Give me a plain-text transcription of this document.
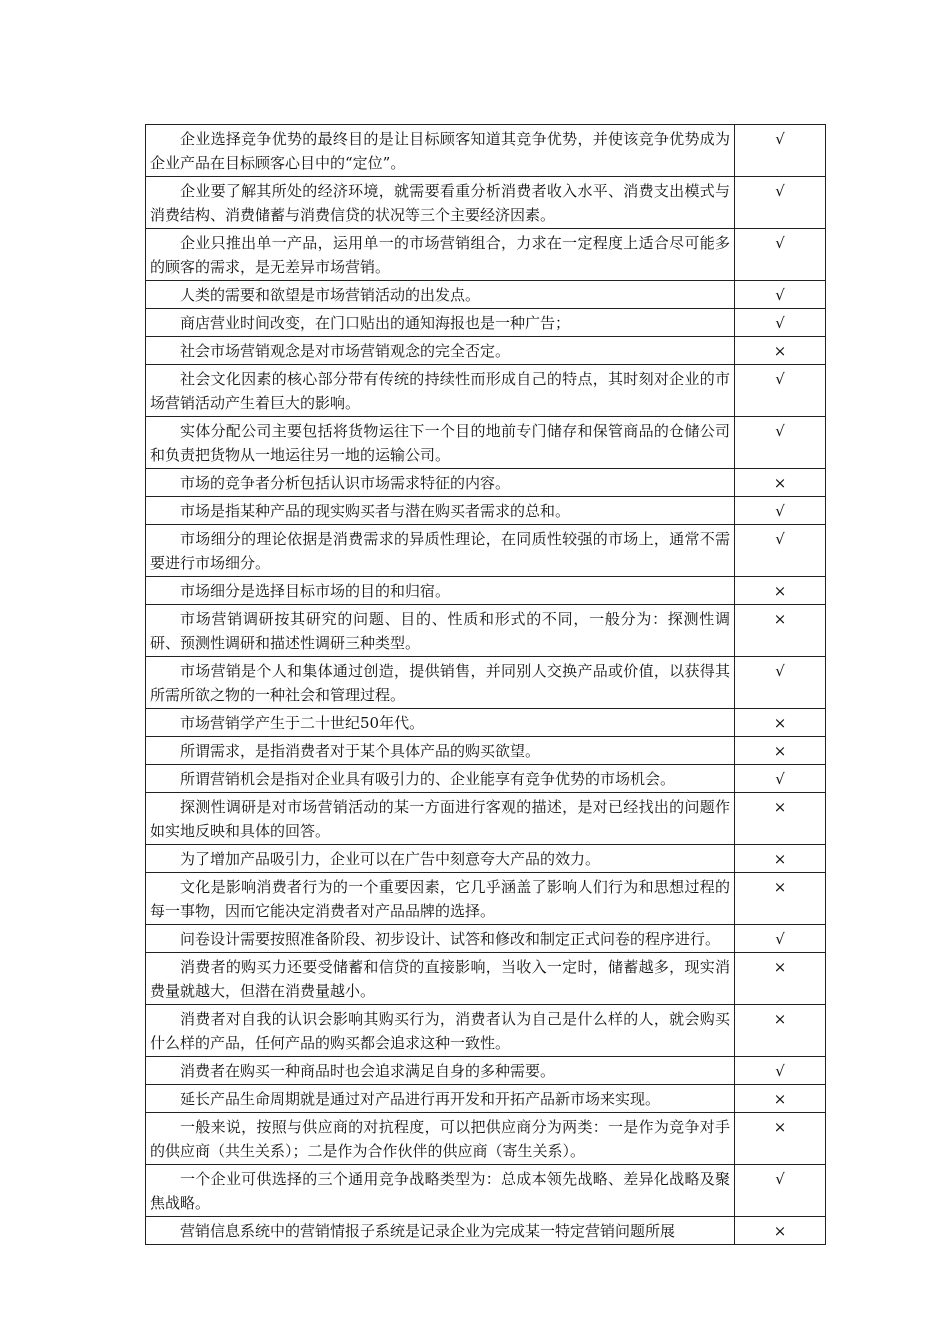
企业选择竞争优势的最终目的是让目标顾客知道其竞争优势，并使该竞争优势成为企业产品在目标顾客心目中的“定位”。	√
企业要了解其所处的经济环境，就需要看重分析消费者收入水平、消费支出模式与消费结构、消费储蓄与消费信贷的状况等三个主要经济因素。	√
企业只推出单一产品，运用单一的市场营销组合，力求在一定程度上适合尽可能多的顾客的需求，是无差异市场营销。	√
人类的需要和欲望是市场营销活动的出发点。	√
商店营业时间改变，在门口贴出的通知海报也是一种广告；	√
社会市场营销观念是对市场营销观念的完全否定。	×
社会文化因素的核心部分带有传统的持续性而形成自己的特点，其时刻对企业的市场营销活动产生着巨大的影响。	√
实体分配公司主要包括将货物运往下一个目的地前专门储存和保管商品的仓储公司和负责把货物从一地运往另一地的运输公司。	√
市场的竞争者分析包括认识市场需求特征的内容。	×
市场是指某种产品的现实购买者与潜在购买者需求的总和。	√
市场细分的理论依据是消费需求的异质性理论，在同质性较强的市场上，通常不需要进行市场细分。	√
市场细分是选择目标市场的目的和归宿。	×
市场营销调研按其研究的问题、目的、性质和形式的不同，一般分为：探测性调研、预测性调研和描述性调研三种类型。	×
市场营销是个人和集体通过创造，提供销售，并同别人交换产品或价值，以获得其所需所欲之物的一种社会和管理过程。	√
市场营销学产生于二十世纪50年代。	×
所谓需求，是指消费者对于某个具体产品的购买欲望。	×
所谓营销机会是指对企业具有吸引力的、企业能享有竞争优势的市场机会。	√
探测性调研是对市场营销活动的某一方面进行客观的描述，是对已经找出的问题作如实地反映和具体的回答。	×
为了增加产品吸引力，企业可以在广告中刻意夸大产品的效力。	×
文化是影响消费者行为的一个重要因素，它几乎涵盖了影响人们行为和思想过程的每一事物，因而它能决定消费者对产品品牌的选择。	×
问卷设计需要按照准备阶段、初步设计、试答和修改和制定正式问卷的程序进行。	√
消费者的购买力还要受储蓄和信贷的直接影响，当收入一定时，储蓄越多，现实消费量就越大，但潜在消费量越小。	×
消费者对自我的认识会影响其购买行为，消费者认为自己是什么样的人，就会购买什么样的产品，任何产品的购买都会追求这种一致性。	×
消费者在购买一种商品时也会追求满足自身的多种需要。	√
延长产品生命周期就是通过对产品进行再开发和开拓产品新市场来实现。	×
一般来说，按照与供应商的对抗程度，可以把供应商分为两类：一是作为竞争对手的供应商（共生关系）；二是作为合作伙伴的供应商（寄生关系）。	×
一个企业可供选择的三个通用竞争战略类型为：总成本领先战略、差异化战略及聚焦战略。	√

营销信息系统中的营销情报子系统是记录企业为完成某一特定营销问题所展	×
